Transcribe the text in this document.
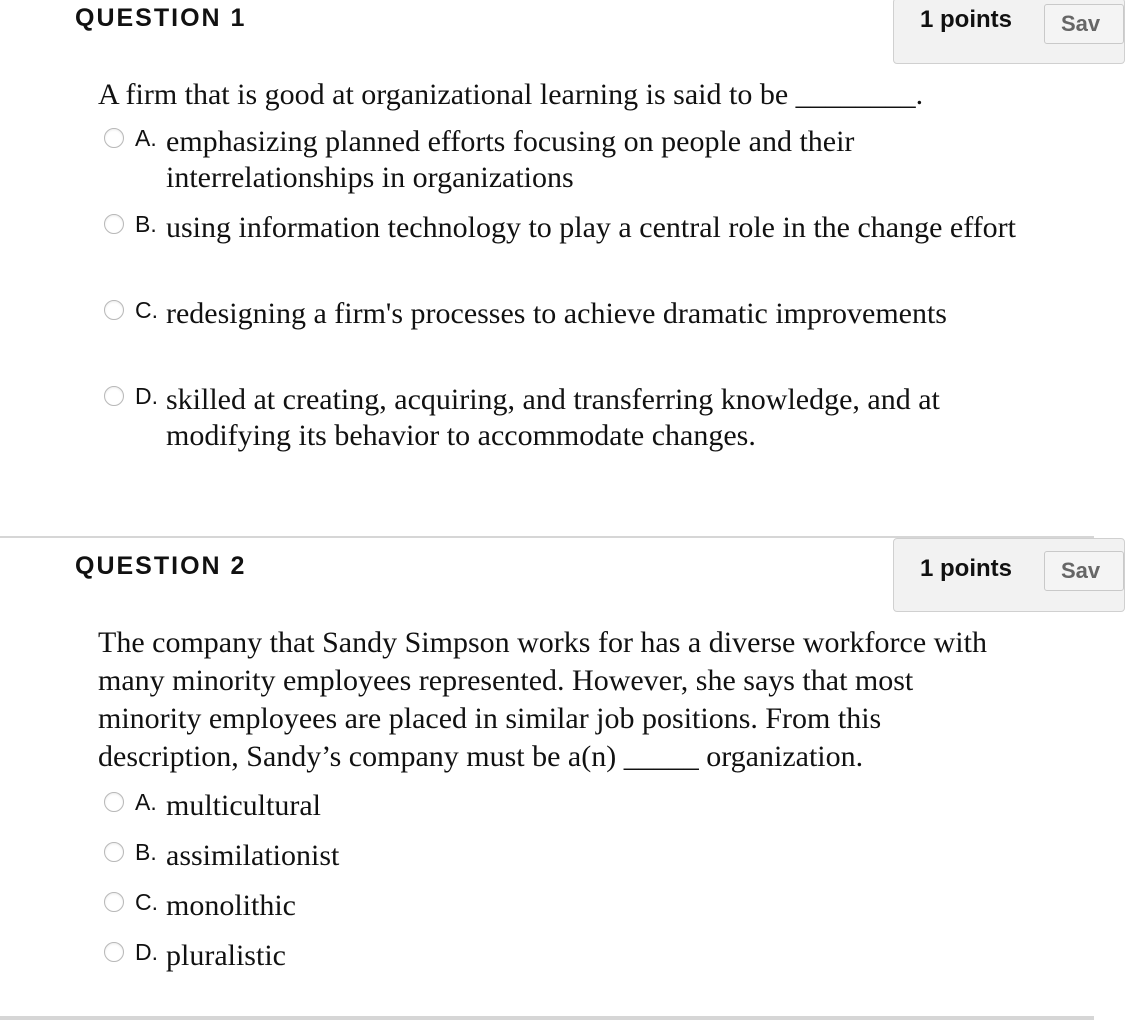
QUESTION 1	1 points	Sav
A firm that is good at organizational learning is said to be ________.
A. emphasizing planned efforts focusing on people and their interrelationships in organizations
B. using information technology to play a central role in the change effort
C. redesigning a firm's processes to achieve dramatic improvements
D. skilled at creating, acquiring, and transferring knowledge, and at modifying its behavior to accommodate changes.
QUESTION 2	1 points	Sav
The company that Sandy Simpson works for has a diverse workforce with many minority employees represented. However, she says that most minority employees are placed in similar job positions. From this description, Sandy’s company must be a(n) _____ organization.
A. multicultural
B. assimilationist
C. monolithic
D. pluralistic
